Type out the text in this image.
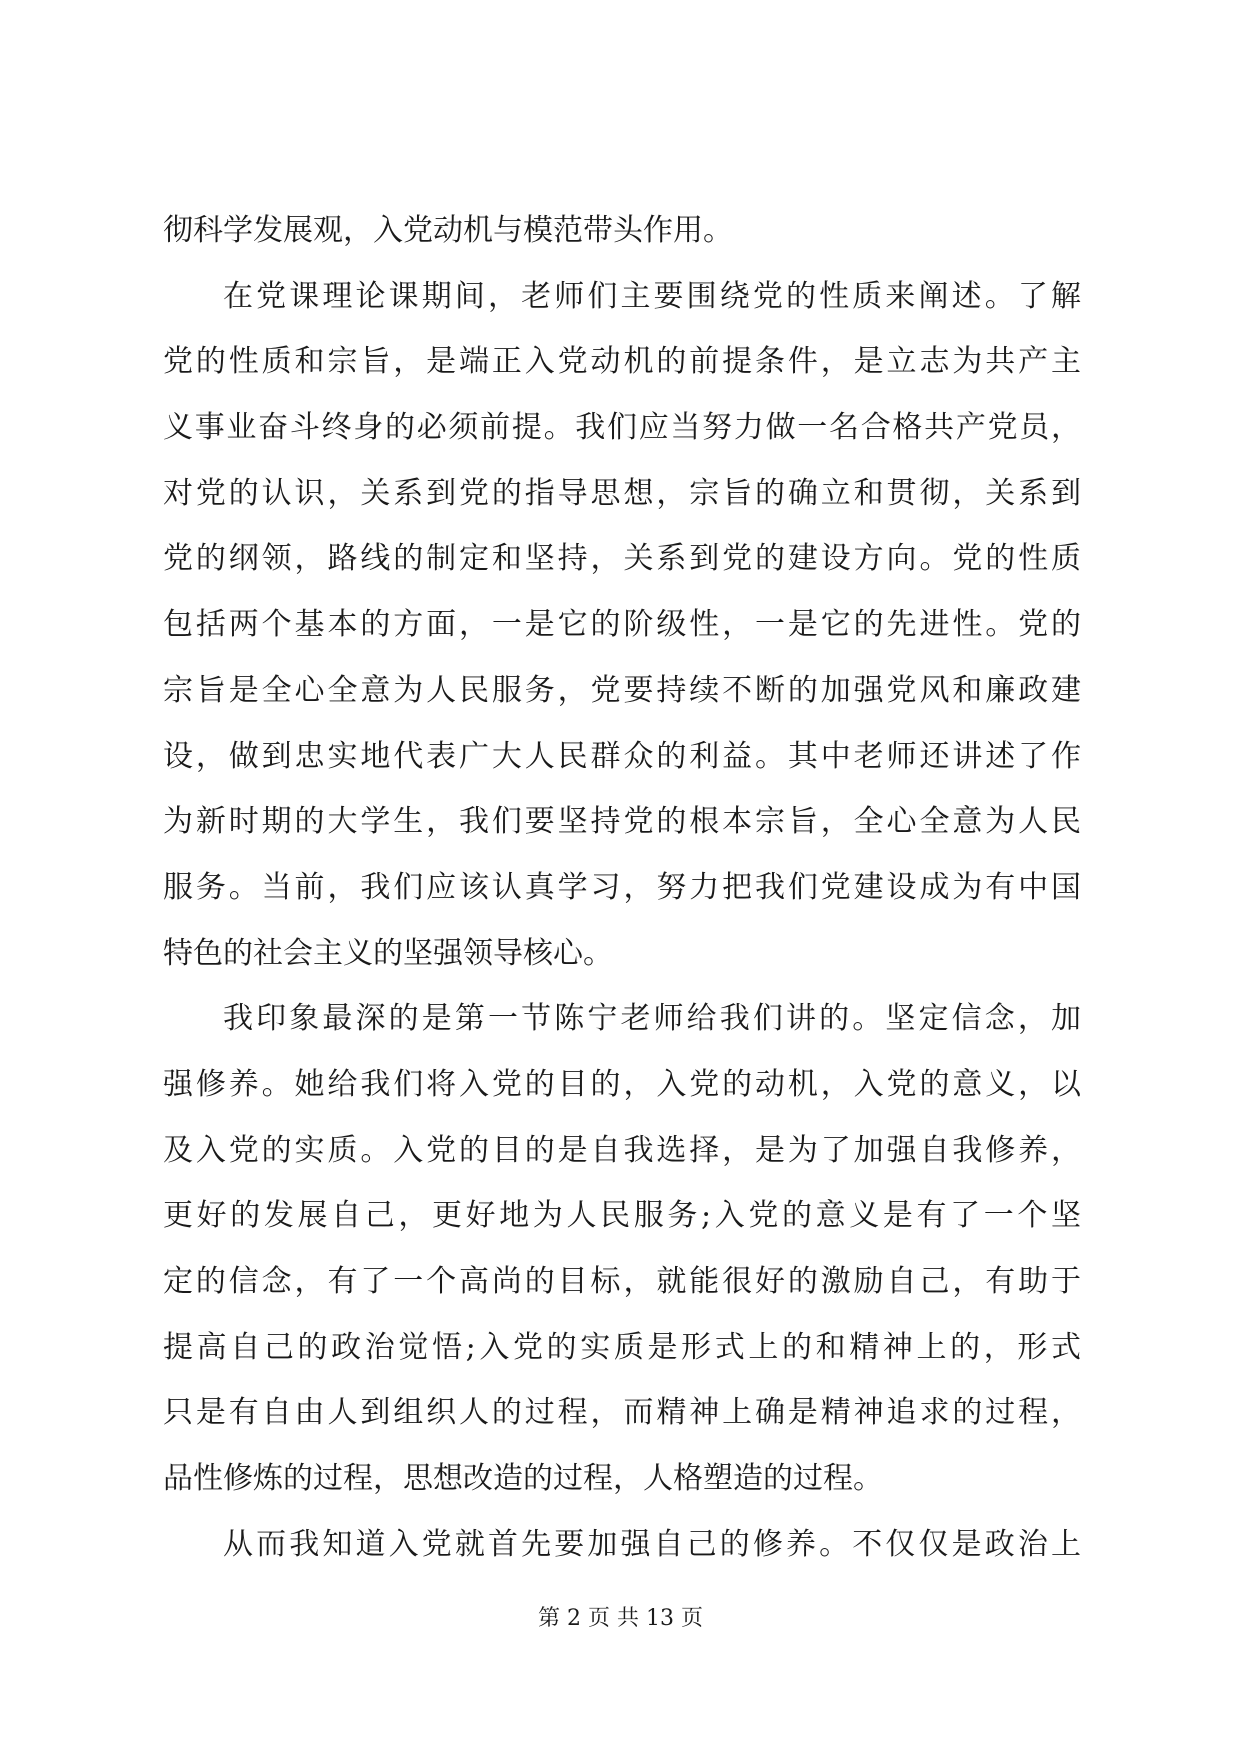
彻科学发展观，入党动机与模范带头作用。
在党课理论课期间，老师们主要围绕党的性质来阐述。了解
党的性质和宗旨，是端正入党动机的前提条件，是立志为共产主
义事业奋斗终身的必须前提。我们应当努力做一名合格共产党员，
对党的认识，关系到党的指导思想，宗旨的确立和贯彻，关系到
党的纲领，路线的制定和坚持，关系到党的建设方向。党的性质
包括两个基本的方面，一是它的阶级性，一是它的先进性。党的
宗旨是全心全意为人民服务，党要持续不断的加强党风和廉政建
设，做到忠实地代表广大人民群众的利益。其中老师还讲述了作
为新时期的大学生，我们要坚持党的根本宗旨，全心全意为人民
服务。当前，我们应该认真学习，努力把我们党建设成为有中国
特色的社会主义的坚强领导核心。
我印象最深的是第一节陈宁老师给我们讲的。坚定信念，加
强修养。她给我们将入党的目的，入党的动机，入党的意义，以
及入党的实质。入党的目的是自我选择，是为了加强自我修养，
更好的发展自己，更好地为人民服务;入党的意义是有了一个坚
定的信念，有了一个高尚的目标，就能很好的激励自己，有助于
提高自己的政治觉悟;入党的实质是形式上的和精神上的，形式
只是有自由人到组织人的过程，而精神上确是精神追求的过程，
品性修炼的过程，思想改造的过程，人格塑造的过程。
从而我知道入党就首先要加强自己的修养。不仅仅是政治上
第 2 页 共 13 页
